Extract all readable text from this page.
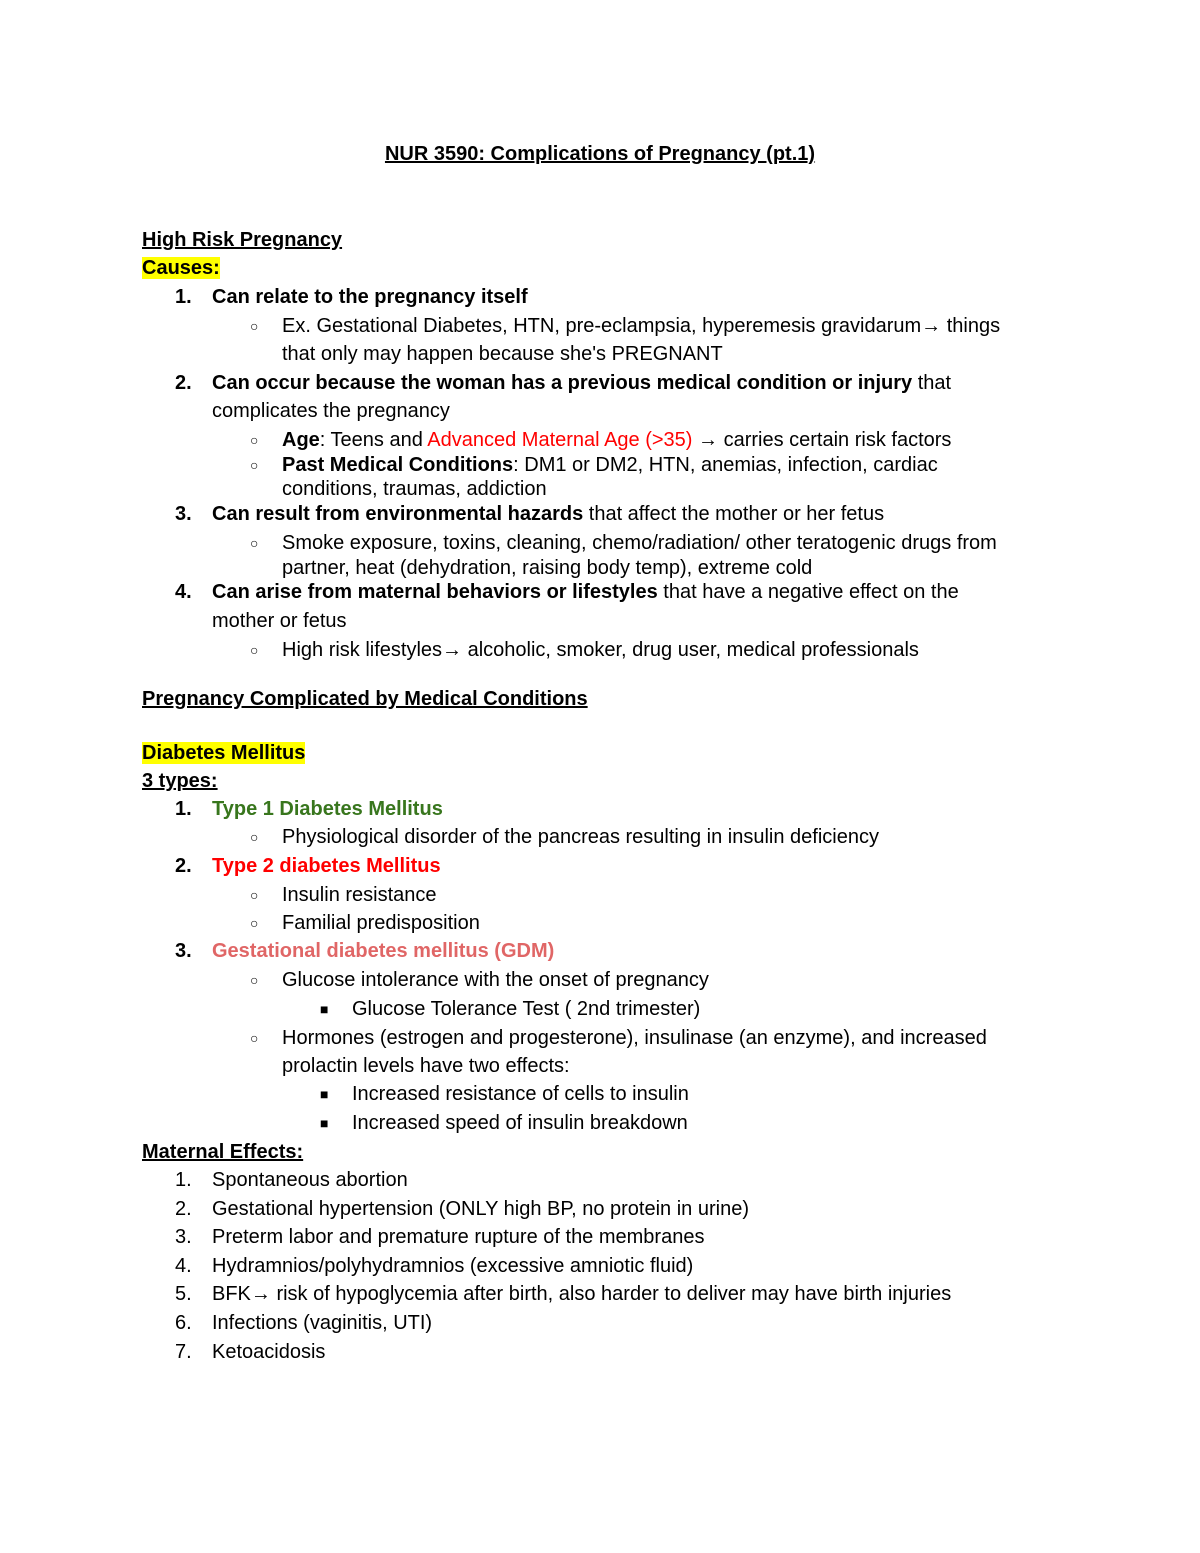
NUR 3590: Complications of Pregnancy (pt.1)
High Risk Pregnancy
Causes:
1. Can relate to the pregnancy itself
○ Ex. Gestational Diabetes, HTN, pre-eclampsia, hyperemesis gravidarum→ things
that only may happen because she's PREGNANT
2. Can occur because the woman has a previous medical condition or injury that
complicates the pregnancy
○ Age: Teens and Advanced Maternal Age (>35) → carries certain risk factors
○ Past Medical Conditions: DM1 or DM2, HTN, anemias, infection, cardiac
conditions, traumas, addiction
3. Can result from environmental hazards that affect the mother or her fetus
○ Smoke exposure, toxins, cleaning, chemo/radiation/ other teratogenic drugs from
partner, heat (dehydration, raising body temp), extreme cold
4. Can arise from maternal behaviors or lifestyles that have a negative effect on the
mother or fetus
○ High risk lifestyles→ alcoholic, smoker, drug user, medical professionals
Pregnancy Complicated by Medical Conditions
Diabetes Mellitus
3 types:
1. Type 1 Diabetes Mellitus
○ Physiological disorder of the pancreas resulting in insulin deficiency
2. Type 2 diabetes Mellitus
○ Insulin resistance
○ Familial predisposition
3. Gestational diabetes mellitus (GDM)
○ Glucose intolerance with the onset of pregnancy
■ Glucose Tolerance Test ( 2nd trimester)
○ Hormones (estrogen and progesterone), insulinase (an enzyme), and increased
prolactin levels have two effects:
■ Increased resistance of cells to insulin
■ Increased speed of insulin breakdown
Maternal Effects:
1. Spontaneous abortion
2. Gestational hypertension (ONLY high BP, no protein in urine)
3. Preterm labor and premature rupture of the membranes
4. Hydramnios/polyhydramnios (excessive amniotic fluid)
5. BFK→ risk of hypoglycemia after birth, also harder to deliver may have birth injuries
6. Infections (vaginitis, UTI)
7. Ketoacidosis
